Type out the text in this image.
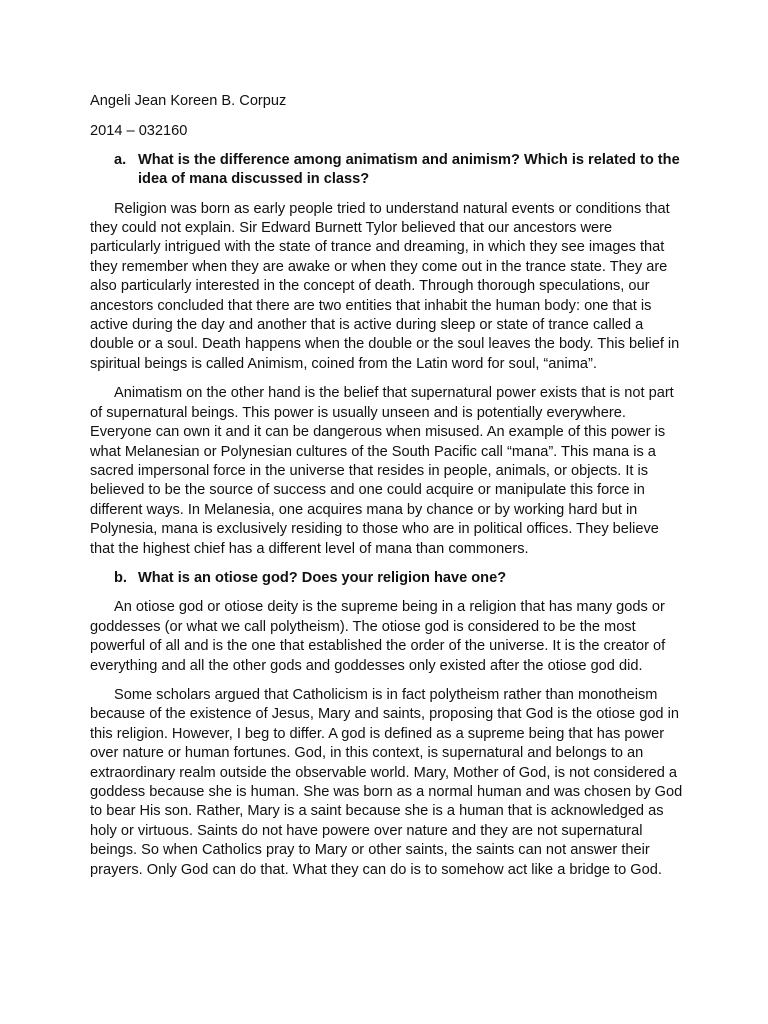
Angeli Jean Koreen B. Corpuz
2014 – 032160
a. What is the difference among animatism and animism? Which is related to the idea of mana discussed in class?

Religion was born as early people tried to understand natural events or conditions that they could not explain. Sir Edward Burnett Tylor believed that our ancestors were particularly intrigued with the state of trance and dreaming, in which they see images that they remember when they are awake or when they come out in the trance state. They are also particularly interested in the concept of death. Through thorough speculations, our ancestors concluded that there are two entities that inhabit the human body: one that is active during the day and another that is active during sleep or state of trance called a double or a soul. Death happens when the double or the soul leaves the body. This belief in spiritual beings is called Animism, coined from the Latin word for soul, “anima”.

Animatism on the other hand is the belief that supernatural power exists that is not part of supernatural beings. This power is usually unseen and is potentially everywhere. Everyone can own it and it can be dangerous when misused. An example of this power is what Melanesian or Polynesian cultures of the South Pacific call “mana”. This mana is a sacred impersonal force in the universe that resides in people, animals, or objects. It is believed to be the source of success and one could acquire or manipulate this force in different ways. In Melanesia, one acquires mana by chance or by working hard but in Polynesia, mana is exclusively residing to those who are in political offices. They believe that the highest chief has a different level of mana than commoners.

b. What is an otiose god? Does your religion have one?

An otiose god or otiose deity is the supreme being in a religion that has many gods or goddesses (or what we call polytheism). The otiose god is considered to be the most powerful of all and is the one that established the order of the universe. It is the creator of everything and all the other gods and goddesses only existed after the otiose god did.

Some scholars argued that Catholicism is in fact polytheism rather than monotheism because of the existence of Jesus, Mary and saints, proposing that God is the otiose god in this religion. However, I beg to differ. A god is defined as a supreme being that has power over nature or human fortunes. God, in this context, is supernatural and belongs to an extraordinary realm outside the observable world. Mary, Mother of God, is not considered a goddess because she is human. She was born as a normal human and was chosen by God to bear His son. Rather, Mary is a saint because she is a human that is acknowledged as holy or virtuous. Saints do not have powere over nature and they are not supernatural beings. So when Catholics pray to Mary or other saints, the saints can not answer their prayers. Only God can do that. What they can do is to somehow act like a bridge to God.
